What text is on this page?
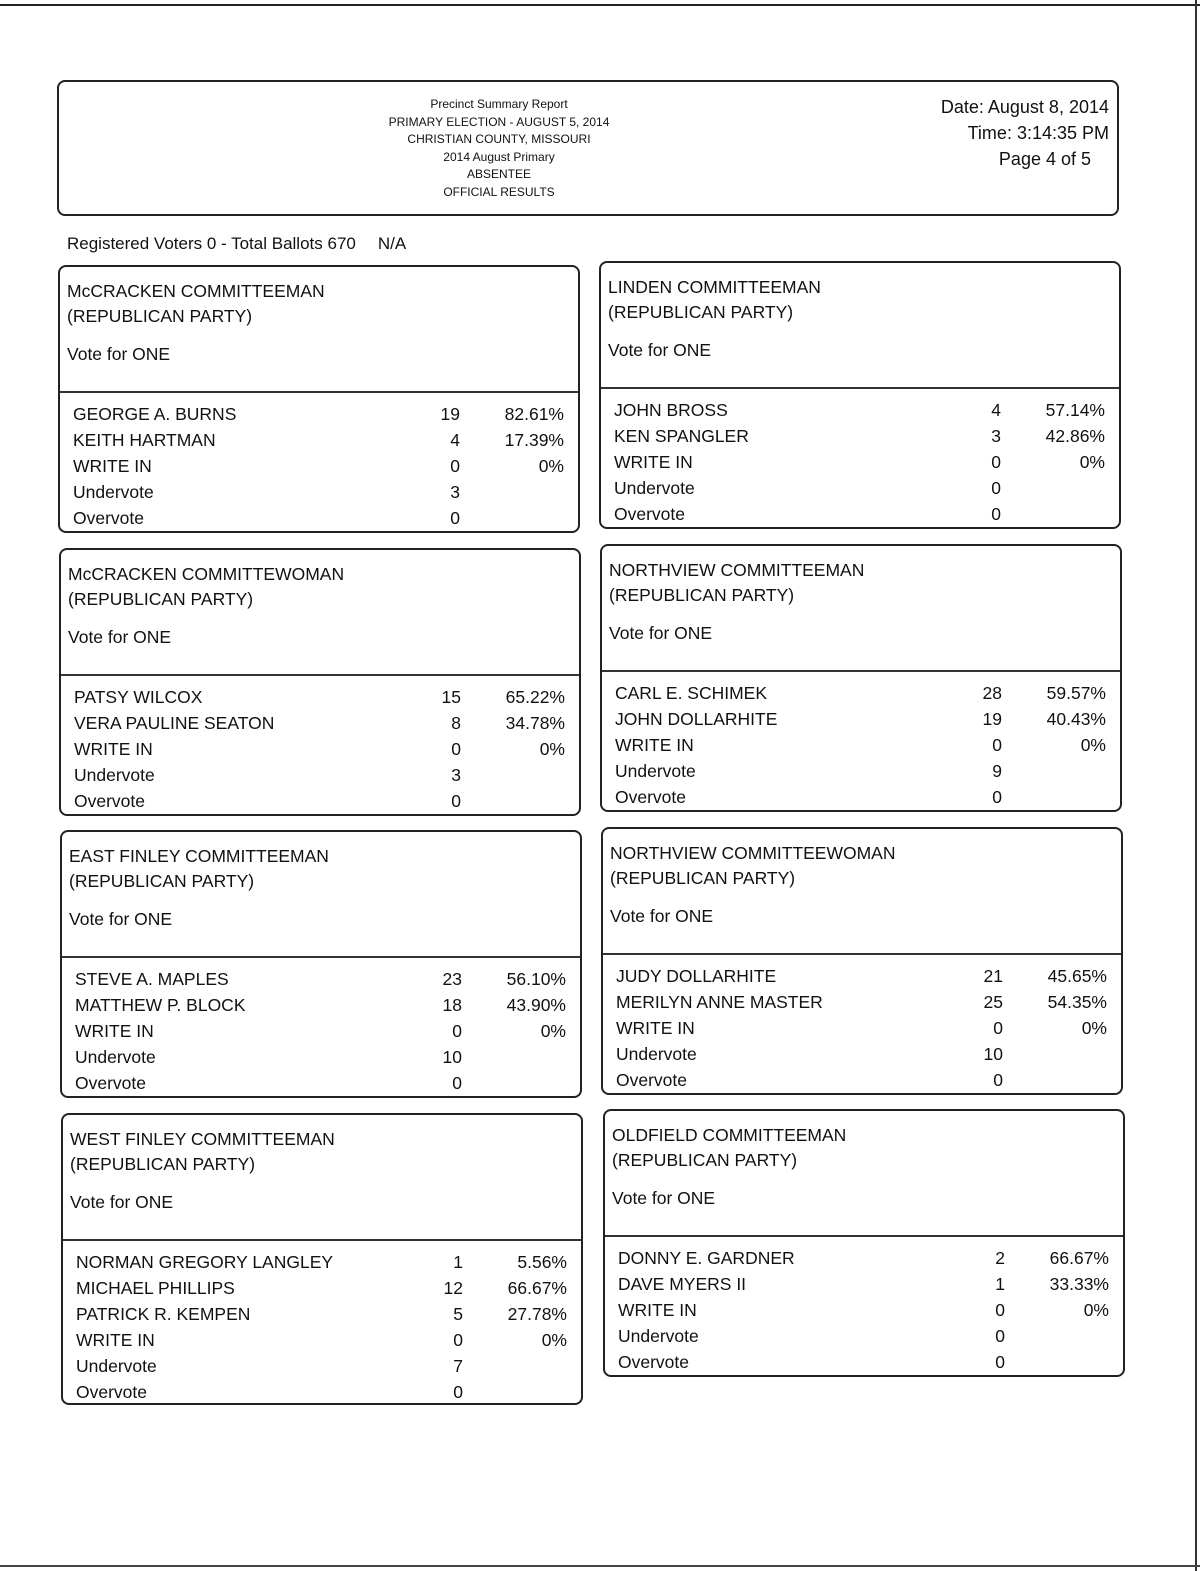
Precinct Summary Report
PRIMARY ELECTION - AUGUST 5, 2014
CHRISTIAN COUNTY, MISSOURI
2014 August Primary
ABSENTEE
OFFICIAL RESULTS
Date: August 8, 2014
Time: 3:14:35 PM
Page 4 of 5
Registered Voters 0 - Total Ballots 670 N/A
McCRACKEN COMMITTEEMAN
(REPUBLICAN PARTY)
Vote for ONE
GEORGE A. BURNS	19	82.61%
KEITH HARTMAN	4	17.39%
WRITE IN	0	0%
Undervote	3
Overvote	0
LINDEN COMMITTEEMAN
(REPUBLICAN PARTY)
Vote for ONE
JOHN BROSS	4	57.14%
KEN SPANGLER	3	42.86%
WRITE IN	0	0%
Undervote	0
Overvote	0
McCRACKEN COMMITTEWOMAN
(REPUBLICAN PARTY)
Vote for ONE
PATSY WILCOX	15	65.22%
VERA PAULINE SEATON	8	34.78%
WRITE IN	0	0%
Undervote	3
Overvote	0
NORTHVIEW COMMITTEEMAN
(REPUBLICAN PARTY)
Vote for ONE
CARL E. SCHIMEK	28	59.57%
JOHN DOLLARHITE	19	40.43%
WRITE IN	0	0%
Undervote	9
Overvote	0
EAST FINLEY COMMITTEEMAN
(REPUBLICAN PARTY)
Vote for ONE
STEVE A. MAPLES	23	56.10%
MATTHEW P. BLOCK	18	43.90%
WRITE IN	0	0%
Undervote	10
Overvote	0
NORTHVIEW COMMITTEEWOMAN
(REPUBLICAN PARTY)
Vote for ONE
JUDY DOLLARHITE	21	45.65%
MERILYN ANNE MASTER	25	54.35%
WRITE IN	0	0%
Undervote	10
Overvote	0
WEST FINLEY COMMITTEEMAN
(REPUBLICAN PARTY)
Vote for ONE
NORMAN GREGORY LANGLEY	1	5.56%
MICHAEL PHILLIPS	12	66.67%
PATRICK R. KEMPEN	5	27.78%
WRITE IN	0	0%
Undervote	7
Overvote	0
OLDFIELD COMMITTEEMAN
(REPUBLICAN PARTY)
Vote for ONE
DONNY E. GARDNER	2	66.67%
DAVE MYERS II	1	33.33%
WRITE IN	0	0%
Undervote	0
Overvote	0
